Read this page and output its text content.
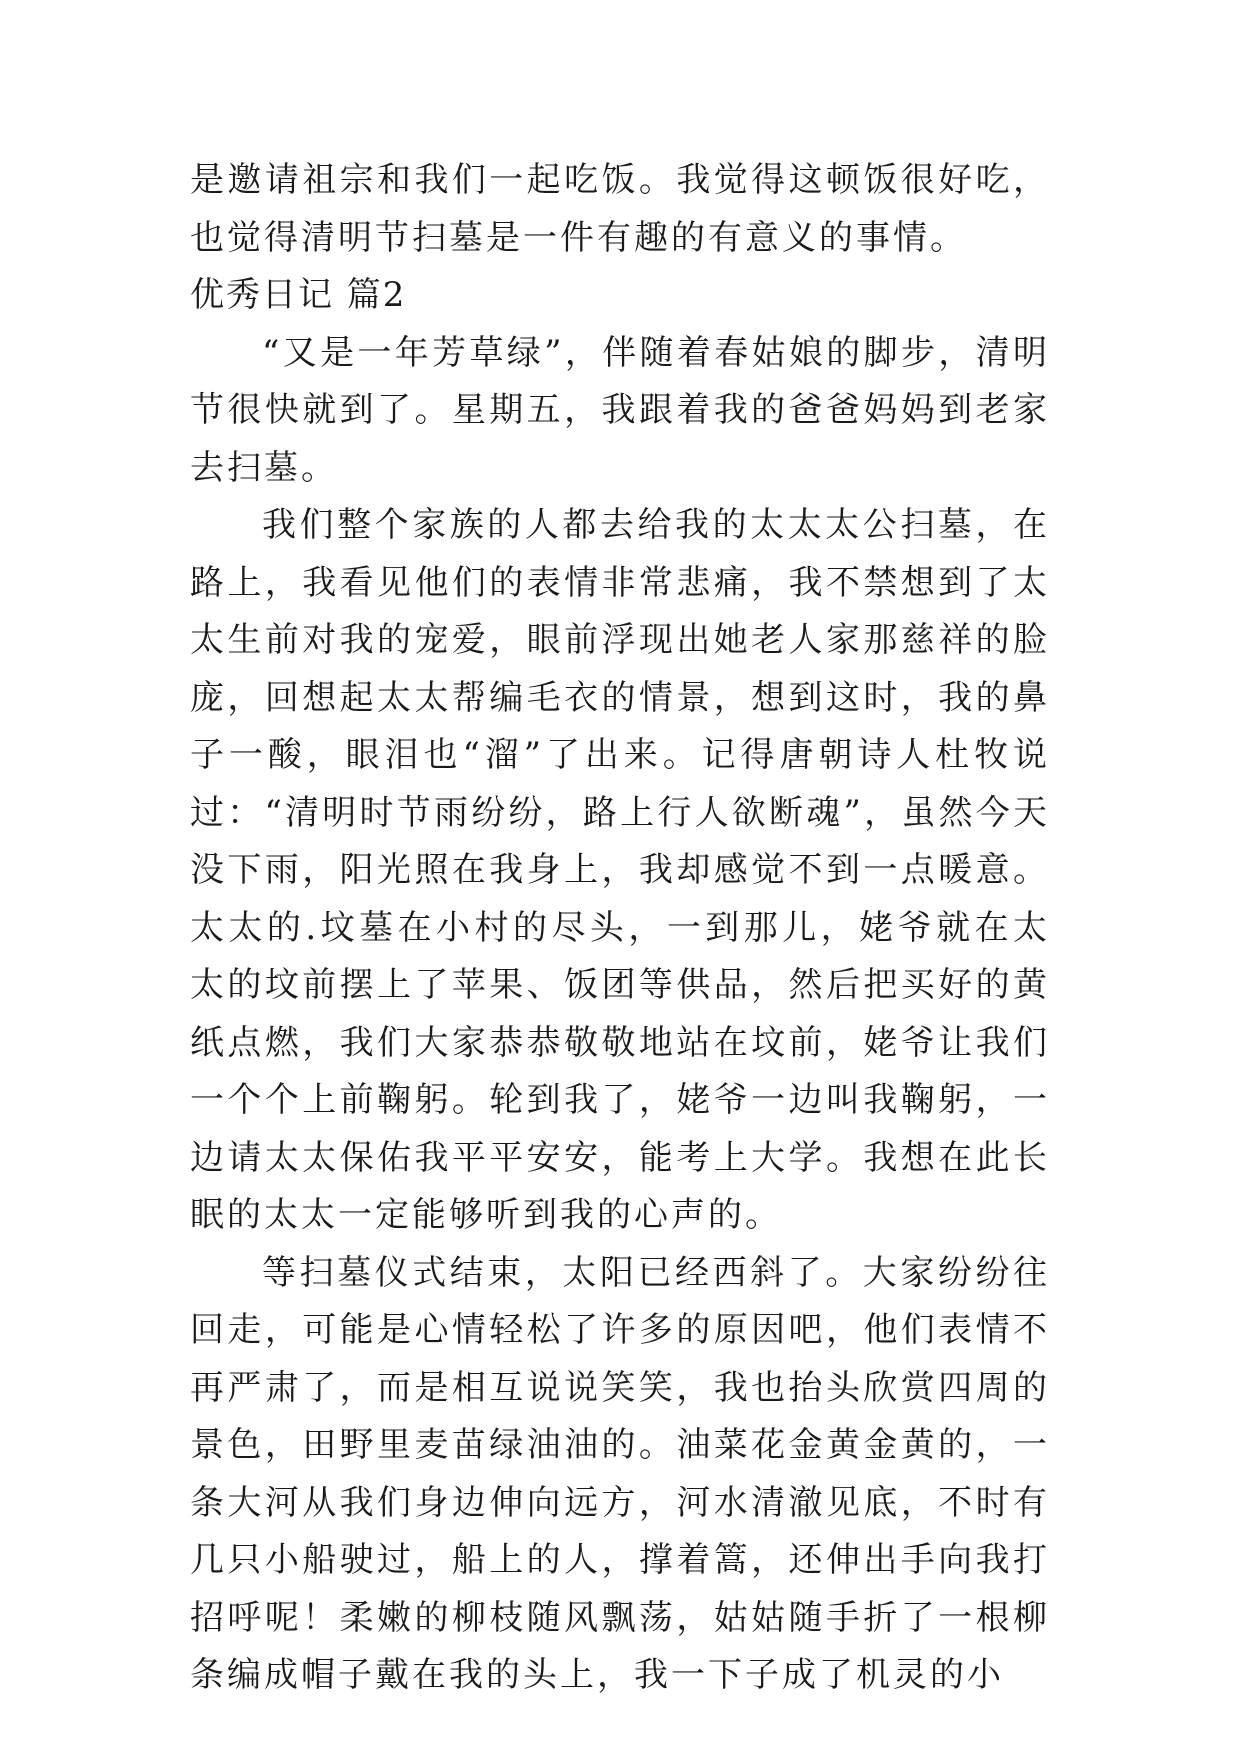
是邀请祖宗和我们一起吃饭。我觉得这顿饭很好吃，也觉得清明节扫墓是一件有趣的有意义的事情。

优秀日记 篇2

“又是一年芳草绿”，伴随着春姑娘的脚步，清明节很快就到了。星期五，我跟着我的爸爸妈妈到老家去扫墓。

我们整个家族的人都去给我的太太太公扫墓，在路上，我看见他们的表情非常悲痛，我不禁想到了太太生前对我的宠爱，眼前浮现出她老人家那慈祥的脸庞，回想起太太帮编毛衣的情景，想到这时，我的鼻子一酸，眼泪也“溜”了出来。记得唐朝诗人杜牧说过：“清明时节雨纷纷，路上行人欲断魂”，虽然今天没下雨，阳光照在我身上，我却感觉不到一点暖意。太太的.坟墓在小村的尽头，一到那儿，姥爷就在太太的坟前摆上了苹果、饭团等供品，然后把买好的黄纸点燃，我们大家恭恭敬敬地站在坟前，姥爷让我们一个个上前鞠躬。轮到我了，姥爷一边叫我鞠躬，一边请太太保佑我平平安安，能考上大学。我想在此长眠的太太一定能够听到我的心声的。

等扫墓仪式结束，太阳已经西斜了。大家纷纷往回走，可能是心情轻松了许多的原因吧，他们表情不再严肃了，而是相互说说笑笑，我也抬头欣赏四周的景色，田野里麦苗绿油油的。油菜花金黄金黄的，一条大河从我们身边伸向远方，河水清澈见底，不时有几只小船驶过，船上的人，撑着篙，还伸出手向我打招呼呢！柔嫩的柳枝随风飘荡，姑姑随手折了一根柳条编成帽子戴在我的头上，我一下子成了机灵的小
